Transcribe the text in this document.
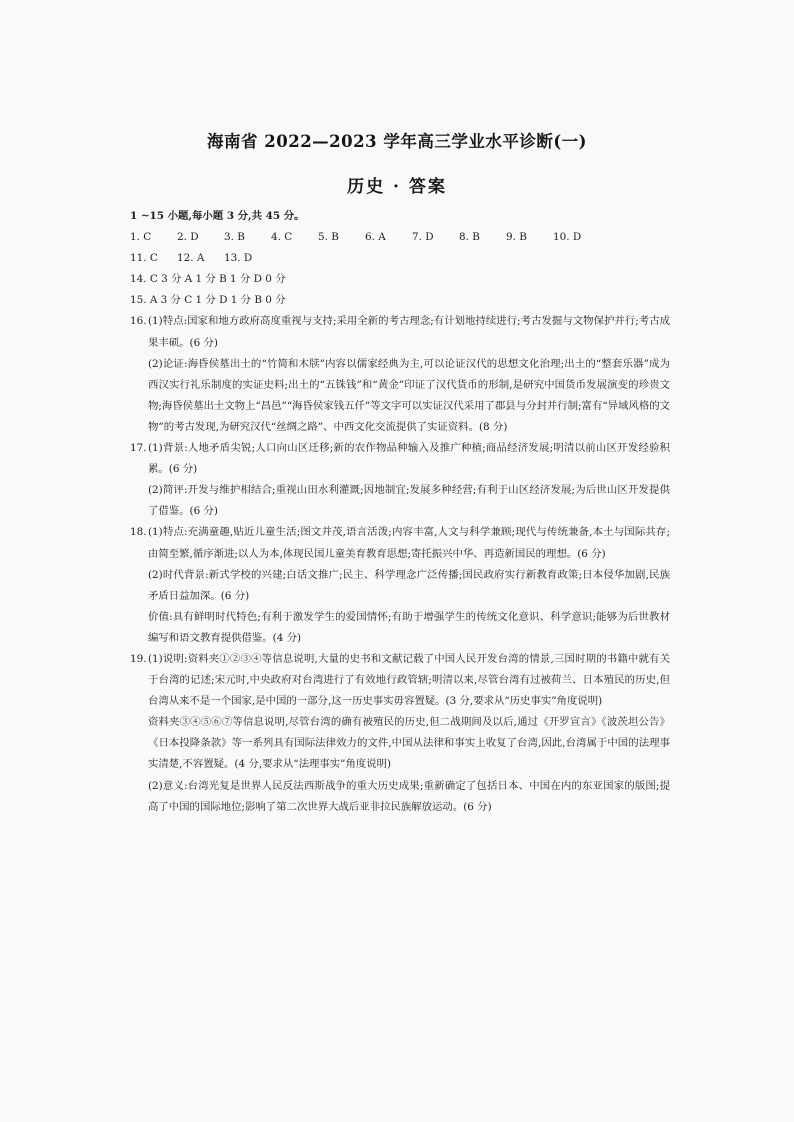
海南省 2022—2023 学年高三学业水平诊断(一)
历史 · 答案
1 ~15 小题,每小题 3 分,共 45 分。
1. C	2. D	3. B	4. C	5. B	6. A	7. D	8. B	9. B	10. D
11. C	12. A	13. D
14. C 3 分 A 1 分 B 1 分 D 0 分
15. A 3 分 C 1 分 D 1 分 B 0 分
16. (1)特点:国家和地方政府高度重视与支持;采用全新的考古理念;有计划地持续进行;考古发掘与文物保护并行;考古成果丰硕。(6 分)
(2)论证:海昏侯墓出土的“竹简和木牍”内容以儒家经典为主,可以论证汉代的思想文化治理;出土的“整套乐器”成为西汉实行礼乐制度的实证史料;出土的“五铢钱”和“黄金”印证了汉代货币的形制,是研究中国货币发展演变的珍贵文物;海昏侯墓出土文物上“昌邑”“海昏侯家钱五仟”等文字可以实证汉代采用了郡县与分封并行制;富有“异域风格的文物”的考古发现,为研究汉代“丝绸之路”、中西文化交流提供了实证资料。(8 分)
17. (1)背景:人地矛盾尖锐;人口向山区迁移;新的农作物品种输入及推广种植;商品经济发展;明清以前山区开发经验积累。(6 分)
(2)简评:开发与维护相结合;重视山田水利灌溉;因地制宜;发展多种经营;有利于山区经济发展;为后世山区开发提供了借鉴。(6 分)
18. (1)特点:充满童趣,贴近儿童生活;图文并茂,语言活泼;内容丰富,人文与科学兼顾;现代与传统兼备,本土与国际共存;由简至繁,循序渐进;以人为本,体现民国儿童美育教育思想;寄托振兴中华、再造新国民的理想。(6 分)
(2)时代背景:新式学校的兴建;白话文推广;民主、科学理念广泛传播;国民政府实行新教育政策;日本侵华加剧,民族矛盾日益加深。(6 分)
价值:具有鲜明时代特色;有利于激发学生的爱国情怀;有助于增强学生的传统文化意识、科学意识;能够为后世教材编写和语文教育提供借鉴。(4 分)
19. (1)说明:资料夹①②③④等信息说明,大量的史书和文献记载了中国人民开发台湾的情景,三国时期的书籍中就有关于台湾的记述;宋元时,中央政府对台湾进行了有效地行政管辖;明清以来,尽管台湾有过被荷兰、日本殖民的历史,但台湾从来不是一个国家,是中国的一部分,这一历史事实毋容置疑。(3 分,要求从“历史事实”角度说明)
资料夹③④⑤⑥⑦等信息说明,尽管台湾的确有被殖民的历史,但二战期间及以后,通过《开罗宣言》《波茨坦公告》《日本投降条款》等一系列具有国际法律效力的文件,中国从法律和事实上收复了台湾,因此,台湾属于中国的法理事实清楚,不容置疑。(4 分,要求从“法理事实”角度说明)
(2)意义:台湾光复是世界人民反法西斯战争的重大历史成果;重新确定了包括日本、中国在内的东亚国家的版图;提高了中国的国际地位;影响了第二次世界大战后亚非拉民族解放运动。(6 分)
